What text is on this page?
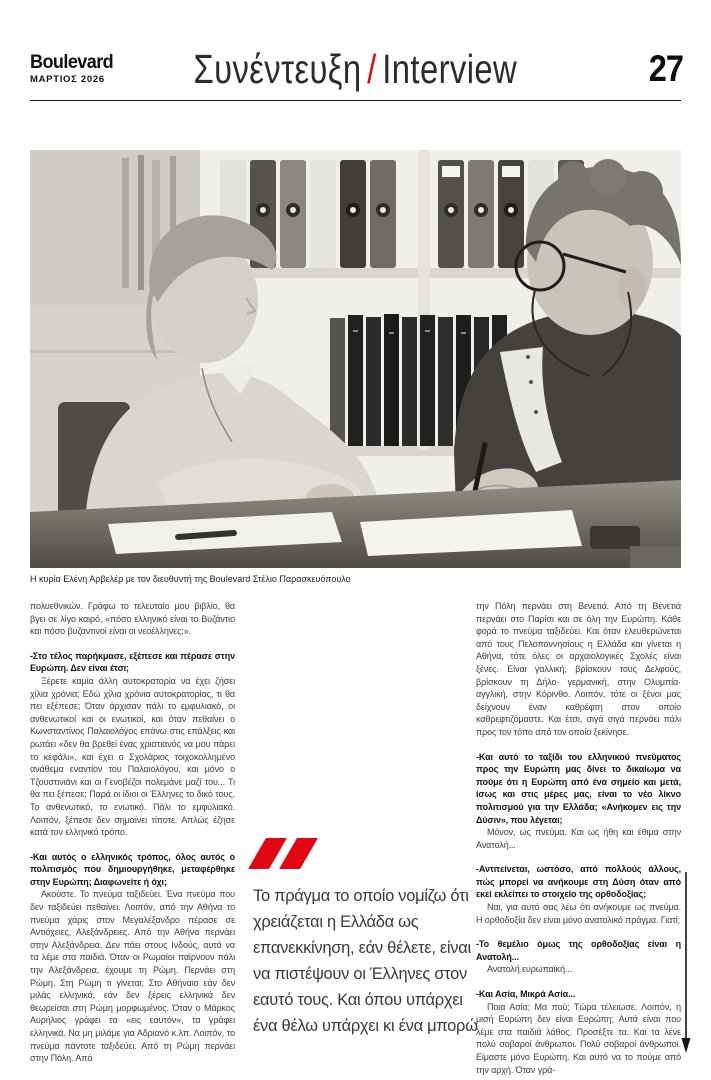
Boulevard
ΜΑΡΤΙΟΣ 2026	Συνέντευξη / Interview	27
Η κυρία Ελένη Αρβελέρ με τον διευθυντή της Boulevard Στέλιο Παρασκευόπουλο

πολυεθνικών. Γράφω το τελευταίο μου βιβλίο, θα βγει σε λίγο καιρό, «πόσο ελληνικό είναι το Βυζάντιο και πόσο βυζαντινοί είναι οι νεοέλληνες;».

-Στο τέλος παρήκμασε, εξέπεσε και πέρασε στην Ευρώπη. Δεν είναι έτσι;

Ξέρετε καμία άλλη αυτοκρατορία να έχει ζήσει χίλια χρόνια; Εδώ χίλια χρόνια αυτοκρατορίας, τι θα πει εξέπεσε; Όταν άρχισαν πάλι το εμφυλιακό, οι ανθενωτικοί και οι ενωτικοί, και όταν πεθαίνει ο Κωνσταντίνος Παλαιολόγος επάνω στις επάλξεις και ρωτάει «δεν θα βρεθεί ένας χριστιανός να μου πάρει το κεφάλι», και έχει ο Σχολάριος τοιχοκολλημένο ανάθεμα εναντίον του Παλαιολόγου, και μόνο ο Τζουστινιάνι και οι Γενοβέζοι πολεμάνε μαζί του... Τι θα πει ξέπεσε; Παρά οι ίδιοι οι Έλληνες το δικό τους. Το ανθενωτικό, το ενωτικό. Πάλι το εμφυλιακό. Λοιπόν, ξέπεσε δεν σημαίνει τίποτε. Απλώς έζησε κατά τον ελληνικό τρόπο.

-Και αυτός ο ελληνικός τρόπος, όλος αυτός ο πολιτισμός που δημιουργήθηκε, μεταφέρθηκε στην Ευρώπη; Διαφωνείτε ή όχι;

Ακούστε. Το πνεύμα ταξιδεύει. Ένα πνεύμα που δεν ταξιδεύει πεθαίνει. Λοιπόν, από την Αθήνα το πνεύμα χάρις στον Μεγαλέξανδρο πέρασε σε Αντιόχειες, Αλεξάνδρειες. Από την Αθήνα περνάει στην Αλεξάνδρεια. Δεν πάει στους Ινδούς, αυτά να τα λέμε στα παιδιά. Όταν οι Ρωμαίοι παίρνουν πάλι την Αλεξάνδρεια, έχουμε τη Ρώμη. Περνάει στη Ρώμη. Στη Ρώμη τι γίνεται; Στο Αθήναιο εάν δεν μιλάς ελληνικά, εάν δεν ξέρεις ελληνικά δεν θεωρείσαι στη Ρώμη μορφωμένος. Όταν ο Μάρκος Αυρήλιος γράφει τα «εις εαυτόν», τα γράφει ελληνικά. Να μη μιλάμε για Αδριανό κ.λπ. Λοιπόν, το πνεύμα πάντοτε ταξιδεύει. Από τη Ρώμη περνάει στην Πόλη. Από

Το πράγμα το οποίο νομίζω ότι χρειάζεται η Ελλάδα ως επανεκκίνηση, εάν θέλετε, είναι να πιστέψουν οι Έλληνες στον εαυτό τους. Και όπου υπάρχει ένα θέλω υπάρχει κι ένα μπορώ

την Πόλη περνάει στη Βενετιά. Από τη Βενετιά περνάει στο Παρίσι και σε όλη την Ευρώπη. Κάθε φορά το πνεύμα ταξιδεύει. Και όταν ελευθερώνεται από τους Πελοποννησίους η Ελλάδα και γίνεται η Αθήνα, τότε όλες οι αρχαιολογικές Σχολές είναι ξένες. Είναι γαλλική, βρίσκουν τους Δελφούς, βρίσκουν τη Δήλο· γερμανική, στην Ολυμπία· αγγλική, στην Κόρινθο. Λοιπόν, τότε οι ξένοι μας δείχνουν έναν καθρέφτη στον οποίο καθρεφτιζόμαστε. Και έτσι, σιγά σιγά περνάει πάλι προς τον τόπο από τον οποίο ξεκίνησε.

-Και αυτό το ταξίδι του ελληνικού πνεύματος προς την Ευρώπη μας δίνει το δικαίωμα να πούμε ότι η Ευρώπη από ένα σημείο και μετά, ίσως και στις μέρες μας, είναι το νέο λίκνο πολιτισμού για την Ελλάδα; «Ανήκομεν εις την Δύσιν», που λέγεται;

Μόνον, ως πνεύμα. Και ως ήθη και έθιμα στην Ανατολή...

-Αντιτείνεται, ωστόσο, από πολλούς άλλους, πώς μπορεί να ανήκουμε στη Δύση όταν από εκεί εκλείπει το στοιχείο της ορθοδοξίας;

Ναι, για αυτό σας λέω ότι ανήκουμε ως πνεύμα. Η ορθοδοξία δεν είναι μόνο ανατολικό πράγμα. Γιατί;

-Το θεμέλιο όμως της ορθοδοξίας είναι η Ανατολή...

Ανατολή ευρωπαϊκή...

-Και Ασία, Μικρά Ασία...

Ποια Ασία; Μα πού; Τώρα τέλειωσε. Λοιπόν, η μισή Ευρώπη δεν είναι Ευρώπη; Αυτά είναι που λέμε στα παιδιά λάθος. Προσέξτε τα. Και τα λένε πολύ σοβαροί άνθρωποι. Πολύ σοβαροί άνθρωποι. Είμαστε μόνο Ευρώπη. Και αυτό να το πούμε από την αρχή. Όταν γρά-
